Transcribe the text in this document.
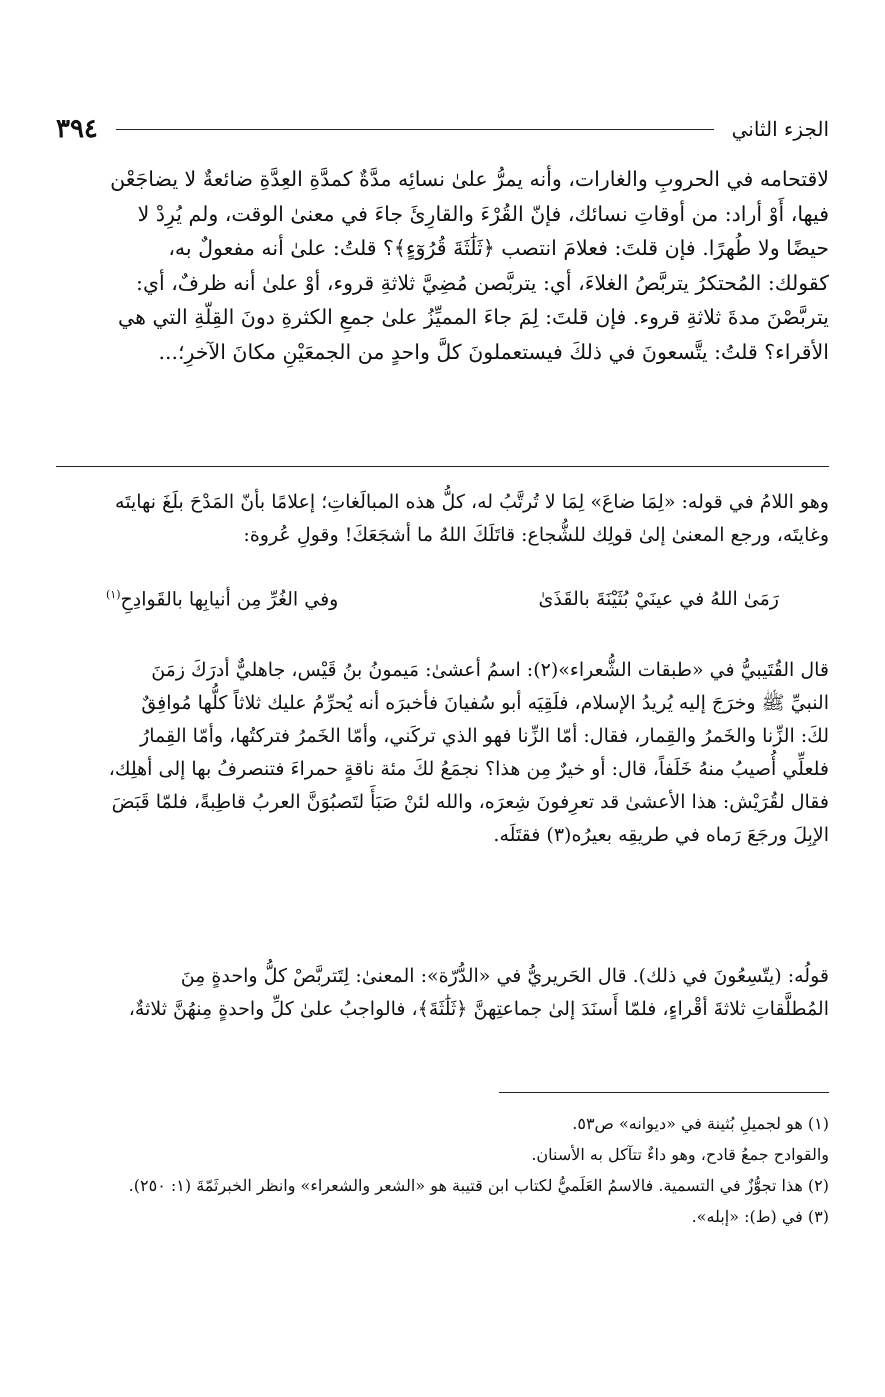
٣٩٤	الجزء الثاني

لاقتحامه في الحروبِ والغارات، وأنه يمرُّ علىٰ نسائِه مدَّةٌ كمدَّةِ العِدَّةِ ضائعةٌ لا يضاجَعْن

فيها، أَوْ أراد: من أوقاتِ نسائك، فإنّ القُرْءَ والقارِئَ جاءَ في معنىٰ الوقت، ولم يُرِدْ لا

حيضًا ولا طُهرًا. فإن قلتَ: فعلامَ انتصب ﴿ثَلَٰثَةَ قُرُوٓءٍ﴾؟ قلتُ: علىٰ أنه مفعولٌ به،

كقولك: المُحتكرُ يتربَّصُ الغلاءَ، أي: يتربَّصن مُضِيَّ ثلاثةِ قروء، أوْ علىٰ أنه ظرفٌ، أي:

يتربَّصْنَ مدةَ ثلاثةِ قروء. فإن قلتَ: لِمَ جاءَ المميِّزُ علىٰ جمعِ الكثرةِ دونَ القِلّةِ التي هي

الأقراء؟ قلتُ: يتَّسعونَ في ذلكَ فيستعملونَ كلَّ واحدٍ من الجمعَيْنِ مكانَ الآخرِ؛...

وهو اللامُ في قوله: «لِمَا ضاعَ» لِمَا لا تُرتَّبُ له، كلُّ هذه المبالَغاتِ؛ إعلامًا بأنّ المَدْحَ بلَغَ نهايتَه

وغايتَه، ورجع المعنىٰ إلىٰ قولِك للشُّجاع: قاتَلَكَ اللهُ ما أشجَعَكَ! وقولِ عُروة:

رَمَىٰ اللهُ في عينَيْ بُثَيْنَةَ بالقَذَىٰ
وفي الغُرِّ مِن أنيابِها بالقَوادِحِ$^{(١)}$

قال القُتَيبيُّ في «طبقات الشُّعراء»(٢): اسمُ أعشىٰ: مَيمونُ بنُ قَيْس، جاهليٌّ أدرَكَ زمَنَ

النبيِّ ﷺ وخرَجَ إليه يُريدُ الإسلام، فلَقِيَه أبو سُفيانَ فأخبرَه أنه يُحرِّمُ عليك ثلاثاً كلُّها مُوافِقٌ

لكَ: الزِّنا والخَمرُ والقِمار، فقال: أمّا الزِّنا فهو الذي تركَني، وأمّا الخَمرُ فتركتُها، وأمّا القِمارُ

فلعلِّي أُصيبُ منهُ خَلَفاً، قال: أو خيرٌ مِن هذا؟ نجمَعُ لكَ مئة ناقةٍ حمراءَ فتنصرفُ بها إلى أهلِك،

فقال لقُرَيْش: هذا الأعشىٰ قد تعرِفونَ شِعرَه، والله لئنْ صَبَأَ لتَصبُوَنَّ العربُ قاطِبةً، فلمّا قَبَضَ

الإبِلَ ورجَعَ رَماه في طريقِه بعيرُه(٣) فقتَلَه.

قولُه: (يتّسِعُونَ في ذلك). قال الحَريريُّ في «الدُّرّة»: المعنىٰ: لِتَتربَّصْ كلُّ واحدةٍ مِنَ

المُطلَّقاتِ ثلاثةَ أقْراءٍ، فلمّا أَسنَدَ إلىٰ جماعتِهنَّ ﴿ثَلَٰثَةَ﴾، فالواجبُ علىٰ كلِّ واحدةٍ مِنهُنَّ ثلاثةٌ،

(١) هو لجميلِ بُثينة في «ديوانه» ص٥٣.

والقوادح جمعُ قادح، وهو داءٌ تتآكل به الأسنان.

(٢) هذا تجوُّزٌ في التسمية. فالاسمُ العَلَميُّ لكتاب ابن قتيبة هو «الشعر والشعراء» وانظر الخبرثَمّةَ (١: ٢٥٠).

(٣) في (ط): «إبله».
